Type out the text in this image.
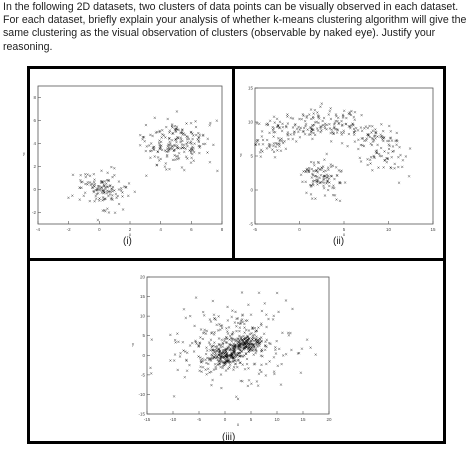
In the following 2D datasets, two clusters of data points can be visually observed in each dataset. For each dataset, briefly explain your analysis of whether k-means clustering algorithm will give the same clustering as the visual observation of clusters (observable by naked eye). Justify your reasoning.
-4	-2	0	2	4	6	8
8
6
4
2
0
-2
x
y
-5	0	5	10	15
15
10
5
0
-5
x
y
-15	-10	-5	0	5	10	15	20
20
15
10
5
0
-5
-10
-15
x
y
(i)	(ii)
(iii)
